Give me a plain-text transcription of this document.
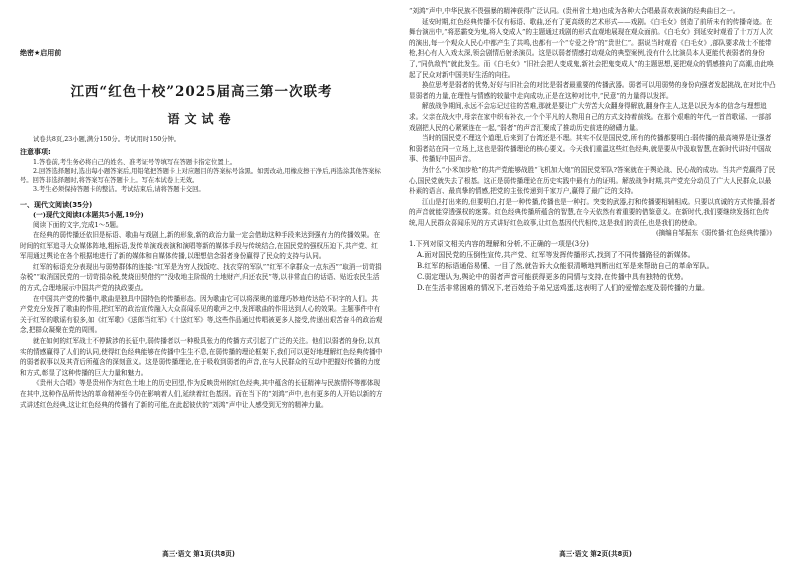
绝密★启用前

江西“红色十校”2025届高三第一次联考
语文试卷

试卷共8页,23小题,满分150分。考试用时150分钟。

注意事项:

1.答卷前,考生务必将自己的姓名、准考证号等填写在答题卡指定位置上。

2.回答选择题时,选出每小题答案后,用铅笔把答题卡上对应题目的答案标号涂黑。如需改动,用橡皮擦干净后,再选涂其他答案标号。回答非选择题时,将答案写在答题卡上。写在本试卷上无效。

3.考生必须保持答题卡的整洁。考试结束后,请将答题卡交回。

一、现代文阅读(35分)

(一)现代文阅读Ⅰ(本题共5小题,19分)

阅读下面的文字,完成1～5题。

在经典的弱传播还依旧是标语、歌曲与戏剧上,新的形象,新的政治力量一定会借助这种手段来达到强有力的传播效果。在时间的红军追寻大众媒体阵地,粗标语,发传单演戏表演和演唱等新的媒体手段与传统结合,在国民党的强权压迫下,共产党、红军用通过舆论在各个根据地进行了新的媒体和自媒体传播,以理想信念弱者身份赢得了民众的支持与认同。

红军的标语充分表现出与弱势群体的连接:“红军是为穷人找饭吃、找衣穿的军队”“红军不拿群众一点东西”“取消一切苛捐杂税”“取消国民党的一切苛捐杂税,焚烧田契借约”“没收地主阶级的土地财产,归还农民”等,以非常直白的话语、贴近农民生活的方式,合理地展示中国共产党的执政要点。

在中国共产党的传播中,歌曲是独具中国特色的传播形态。因为歌曲它可以将深奥的道理巧妙地传达给不识字的人们。共产党充分发挥了歌曲的作用,把红军的政治宣传融入大众喜闻乐见的歌声之中,发挥歌曲的作用达到人心的效果。主题事件中有关于红军的歌谣有很多,如《红军歌》《送郎当红军》《十送红军》等,这些作品通过传唱被更多人接受,传递出艰苦奋斗的政治观念,把群众凝聚在党的周围。

就在如何的红军战士不停跋涉的长征中,弱传播者以一种极具张力的传播方式引起了广泛的关注。他们以弱者的身份,以真实的情感赢得了人们的认同,使得红色经典能够在传播中生生不息,在弱传播的理论框架下,我们可以更好地理解红色经典传播中的弱者叙事以及其背后所蕴含的深刻意义。这是弱传播理论,在于吸收到弱者的声音,在与人民群众的互动中把握好传播的力度和方式,彰显了这种传播的巨大力量和魅力。

《贵州大合唱》等是贵州作为红色土地上的历史回望,作为反映贵州的红色经典,其中蕴含的长征精神与民族情怀等都体现在其中,这种作品所传达的革命精神至今仍在影响着人们,延续着红色基因。而在当下的“刘鸿”声中,也有更多的人开始以新的方式讲述红色经典,这让红色经典的传播有了新的可能,在此起彼伏的“刘鸿”声中让人感受到无穷的精神力量。

高三·语文 第1页(共8页)

“刘鸿”声中,中华民族不畏强暴的精神获得广泛认同。(贵州省土地)也成为各种大合唱最喜欢表演的经典曲目之一。

延安时期,红色经典传播不仅有标语、歌曲,还有了更高级的艺术形式——戏剧。《白毛女》创造了前所未有的传播奇迹。在舞台演出中,“将恶霸变为鬼,将人变成人”的主题通过戏剧的形式直观地展现在观众面前。《白毛女》到延安时观看了十万万人次的演出,每一个观众人民心中都产生了共鸣,也都有一个“专爱之伶”的“贵世仁”。据说当时观看《白毛女》,部队要求战士不能带枪,担心有人入戏太深,领会剧情后射杀演员。这是以弱者情感打动观众的典型案例,没有什么比演员本人更能代表弱者的身份了,“同仇敌忾”就此发生。而《白毛女》“旧社会把人变成鬼,新社会把鬼变成人”的主题思想,更把观众的情感推向了高潮,由此唤起了民众对新中国美好生活的向往。

换位思考是弱者的优势,好好与旧社会的对比是弱者最重要的传播武器。弱者可以用弱势的身份向强者发起挑战,在对比中凸显弱者的力量,在理性与情感的较量中走向成功,正是在这种对比中,“民意”的力量得以发挥。

解放战争期间,永远不会忘记过往的苦难,那就是要让广大劳苦大众翻身得解放,翻身作主人,这是以民为本的信念与理想追求。父亲在战火中,母亲在家中织布补衣,一个个平凡的人物用自己的方式支持着前线。在那个艰难的年代,一首首歌谣、一部部戏剧把人民的心紧紧连在一起,“弱者”的声音汇聚成了推动历史前进的磅礴力量。

当时的国民党不理这个道理,后来到了台湾还是不理。其实不仅是国民党,所有的传播都要明白:弱传播的最高境界是让强者和弱者站在同一立场上,这也是弱传播理论的核心要义。今天我们重温这些红色经典,就是要从中汲取智慧,在新时代讲好中国故事、传播好中国声音。

为什么“小米加步枪”的共产党能够战胜“飞机加大炮”的国民党军队?答案就在于舆论战、民心战的成功。当共产党赢得了民心,国民党就失去了根基。这正是弱传播理论在历史实践中最有力的证明。解放战争时期,共产党充分动员了广大人民群众,以最朴素的语言、最真挚的情感,把党的主张传递到千家万户,赢得了最广泛的支持。

江山是打出来的,但要明白,打是一种传播,传播也是一种打。突变的武器,打和传播要相辅相成。只要以真诚的方式传播,弱者的声音就能穿透强权的迷雾。红色经典传播所蕴含的智慧,在今天依然有着重要的借鉴意义。在新时代,我们要继续发扬红色传统,用人民群众喜闻乐见的方式讲好红色故事,让红色基因代代相传,这是我们的责任,也是我们的使命。

(摘编自邹振东《弱传播·红色经典传播》)

1.下列对原文相关内容的理解和分析,不正确的一项是(3分)

A.面对国民党的压倒性宣传,共产党、红军等发挥传播形式,找到了不同传播路径的新媒体。

B.红军的标语通俗易懂、一目了然,就告诉大众能很清晰地判断出红军是来帮助自己的革命军队。

C.弱定理认为,舆论中的弱者声音可能获得更多的同情与支持,在传播中具有独特的优势。

D.在生活非常困难的情况下,老百姓给予弟兄送鸡蛋,这表明了人们的爱憎态度及弱传播的力量。

高三·语文 第2页(共8页)
